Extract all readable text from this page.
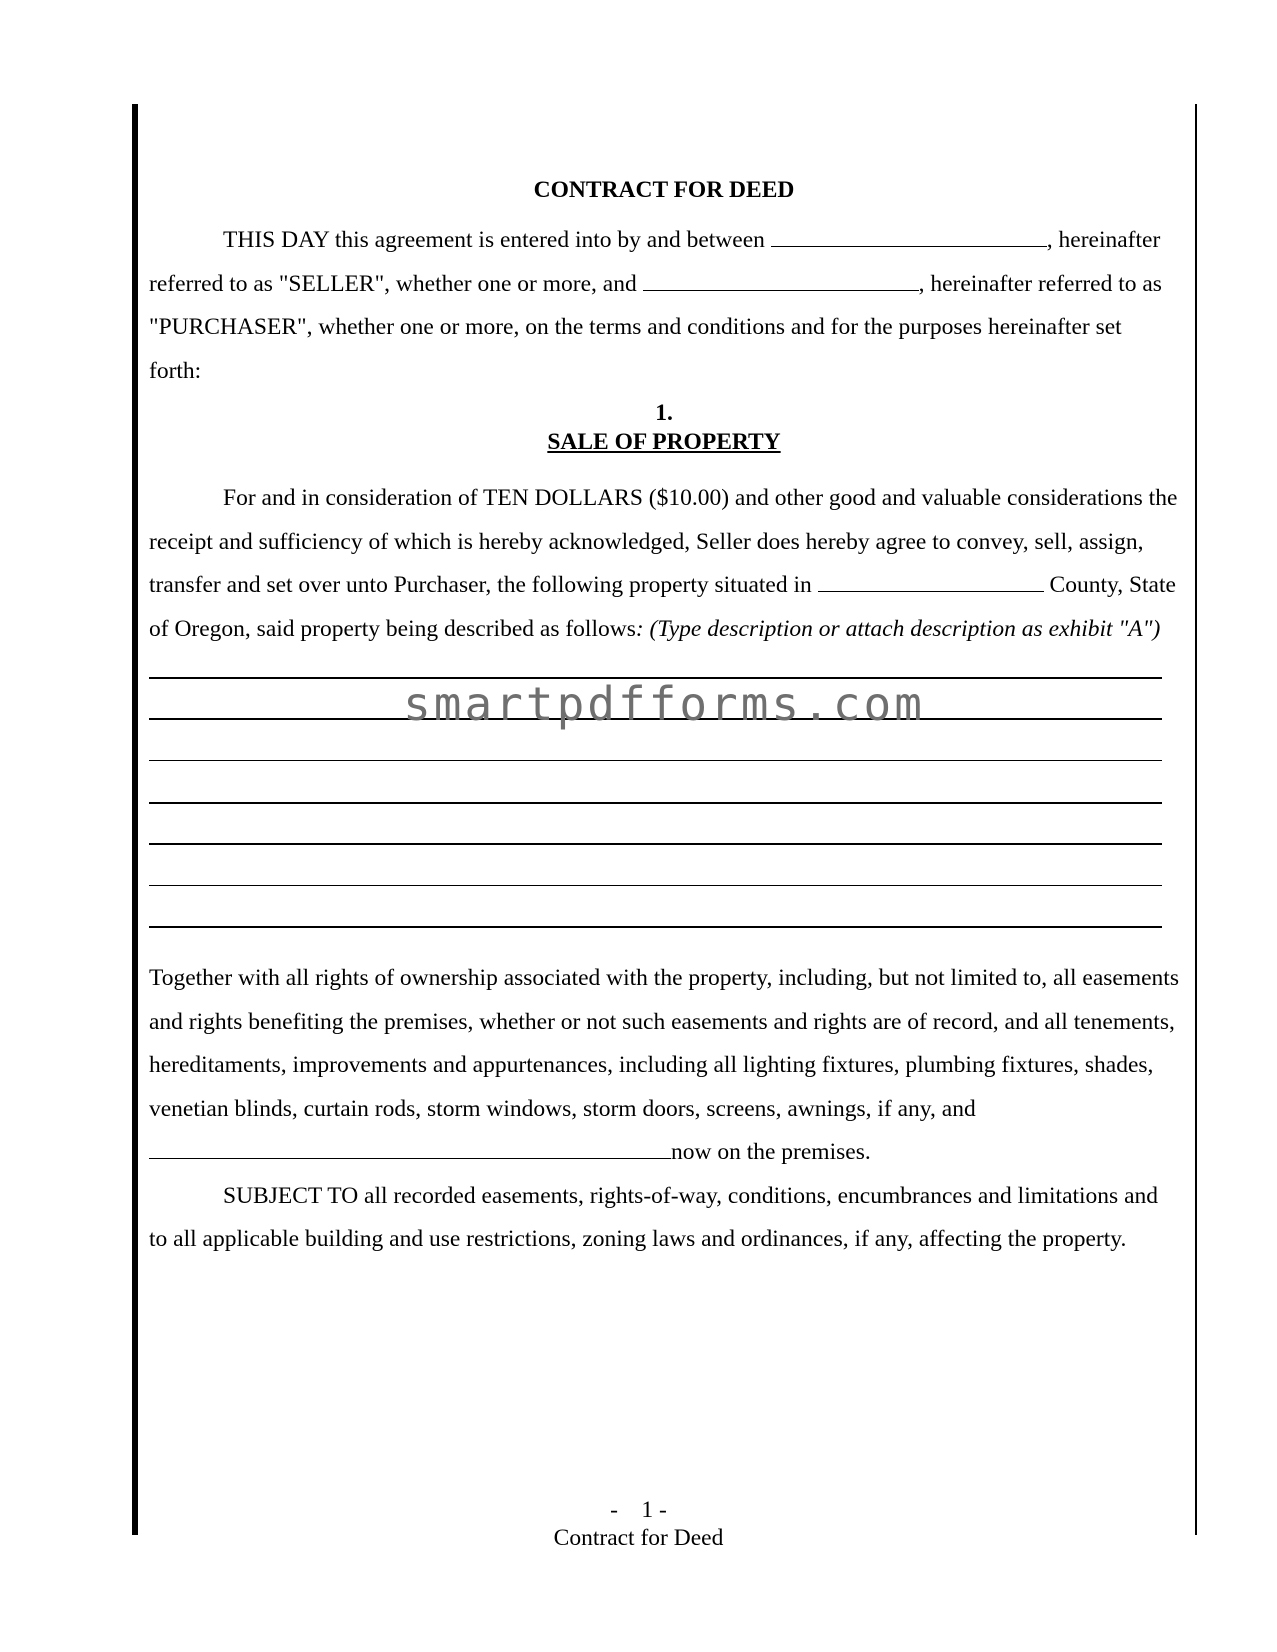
CONTRACT FOR DEED

THIS DAY this agreement is entered into by and between	, hereinafter referred to as "SELLER", whether one or more, and	, hereinafter referred to as "PURCHASER", whether one or more, on the terms and conditions and for the purposes hereinafter set forth:

1.
SALE OF PROPERTY

For and in consideration of TEN DOLLARS ($10.00) and other good and valuable considerations the receipt and sufficiency of which is hereby acknowledged, Seller does hereby agree to convey, sell, assign, transfer and set over unto Purchaser, the following property situated in	County, State of Oregon, said property being described as follows: (Type description or attach description as exhibit "A")

smartpdfforms.com

Together with all rights of ownership associated with the property, including, but not limited to, all easements and rights benefiting the premises, whether or not such easements and rights are of record, and all tenements, hereditaments, improvements and appurtenances, including all lighting fixtures, plumbing fixtures, shades, venetian blinds, curtain rods, storm windows, storm doors, screens, awnings, if any, and now on the premises.

SUBJECT TO all recorded easements, rights-of-way, conditions, encumbrances and limitations and to all applicable building and use restrictions, zoning laws and ordinances, if any, affecting the property.

-    1 -
Contract for Deed
